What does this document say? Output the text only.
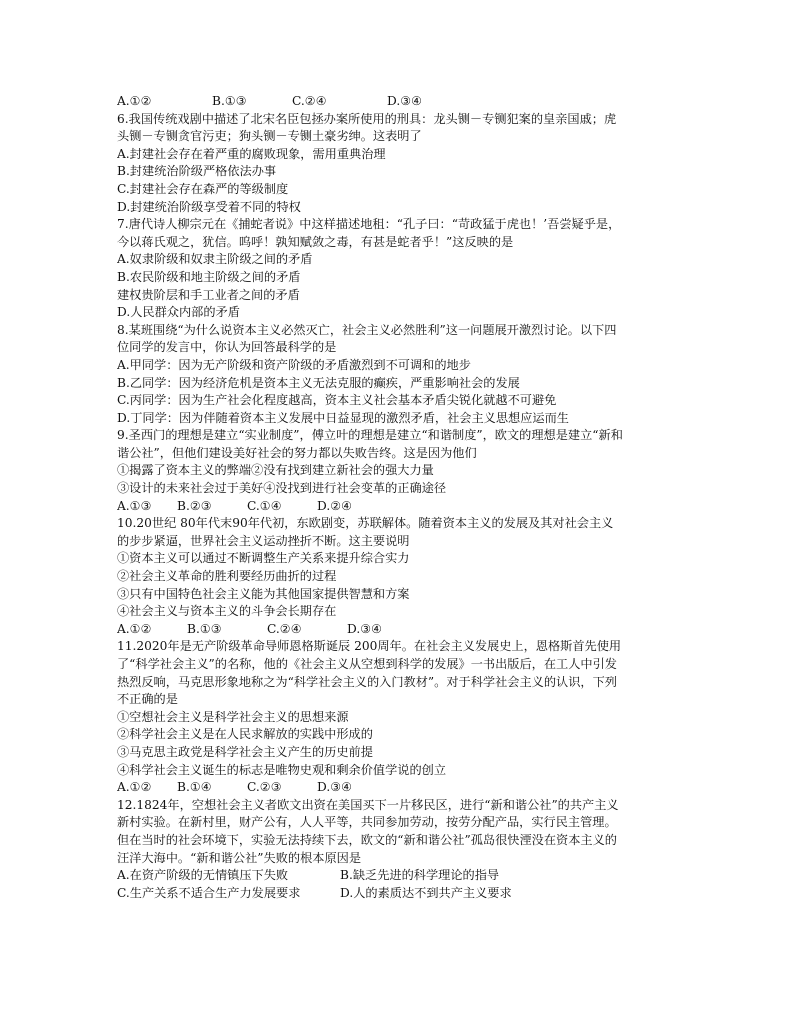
A.①②	B.①③	C.②④	D.③④
6.我国传统戏剧中描述了北宋名臣包拯办案所使用的刑具：龙头铡－专铡犯案的皇亲国戚；虎
头铡－专铡贪官污吏；狗头铡－专铡土豪劣绅。这表明了
A.封建社会存在着严重的腐败现象，需用重典治理
B.封建统治阶级严格依法办事
C.封建社会存在森严的等级制度
D.封建统治阶级享受着不同的特权
7.唐代诗人柳宗元在《捕蛇者说》中这样描述地租：“孔子曰：“苛政猛于虎也！’吾尝疑乎是，
今以蒋氏观之，犹信。呜呼！孰知赋敛之毒，有甚是蛇者乎！”这反映的是
A.奴隶阶级和奴隶主阶级之间的矛盾
B.农民阶级和地主阶级之间的矛盾
建权贵阶层和手工业者之间的矛盾
D.人民群众内部的矛盾
8.某班围绕“为什么说资本主义必然灭亡，社会主义必然胜利”这一问题展开激烈讨论。以下四
位同学的发言中，你认为回答最科学的是
A.甲同学：因为无产阶级和资产阶级的矛盾激烈到不可调和的地步
B.乙同学：因为经济危机是资本主义无法克服的癫疾，严重影响社会的发展
C.丙同学：因为生产社会化程度越高，资本主义社会基本矛盾尖锐化就越不可避免
D.丁同学：因为伴随着资本主义发展中日益显现的激烈矛盾，社会主义思想应运而生
9.圣西门的理想是建立“实业制度”，傅立叶的理想是建立“和谐制度”，欧文的理想是建立“新和
谐公社”，但他们建设美好社会的努力都以失败告终。这是因为他们
①揭露了资本主义的弊端②没有找到建立新社会的强大力量
③设计的未来社会过于美好④没找到进行社会变革的正确途径
A.①③	B.②③	C.①④	D.②④
10.20世纪 80年代末90年代初，东欧剧变，苏联解体。随着资本主义的发展及其对社会主义
的步步紧逼，世界社会主义运动挫折不断。这主要说明
①资本主义可以通过不断调整生产关系来提升综合实力
②社会主义革命的胜利要经历曲折的过程
③只有中国特色社会主义能为其他国家提供智慧和方案
④社会主义与资本主义的斗争会长期存在
A.①②	B.①③	C.②④	D.③④
11.2020年是无产阶级革命导师恩格斯诞辰 200周年。在社会主义发展史上，恩格斯首先使用
了“科学社会主义”的名称，他的《社会主义从空想到科学的发展》一书出版后，在工人中引发
热烈反响，马克思形象地称之为“科学社会主义的入门教材”。对于科学社会主义的认识，下列
不正确的是
①空想社会主义是科学社会主义的思想来源
②科学社会主义是在人民求解放的实践中形成的
③马克思主政党是科学社会主义产生的历史前提
④科学社会主义诞生的标志是唯物史观和剩余价值学说的创立
A.①②	B.①④	C.②③	D.③④
12.1824年，空想社会主义者欧文出资在美国买下一片移民区，进行“新和谐公社”的共产主义
新村实验。在新村里，财产公有，人人平等，共同参加劳动，按劳分配产品，实行民主管理。
但在当时的社会环境下，实验无法持续下去，欧文的“新和谐公社”孤岛很快湮没在资本主义的
汪洋大海中。“新和谐公社”失败的根本原因是
A.在资产阶级的无情镇压下失败	B.缺乏先进的科学理论的指导
C.生产关系不适合生产力发展要求	D.人的素质达不到共产主义要求
